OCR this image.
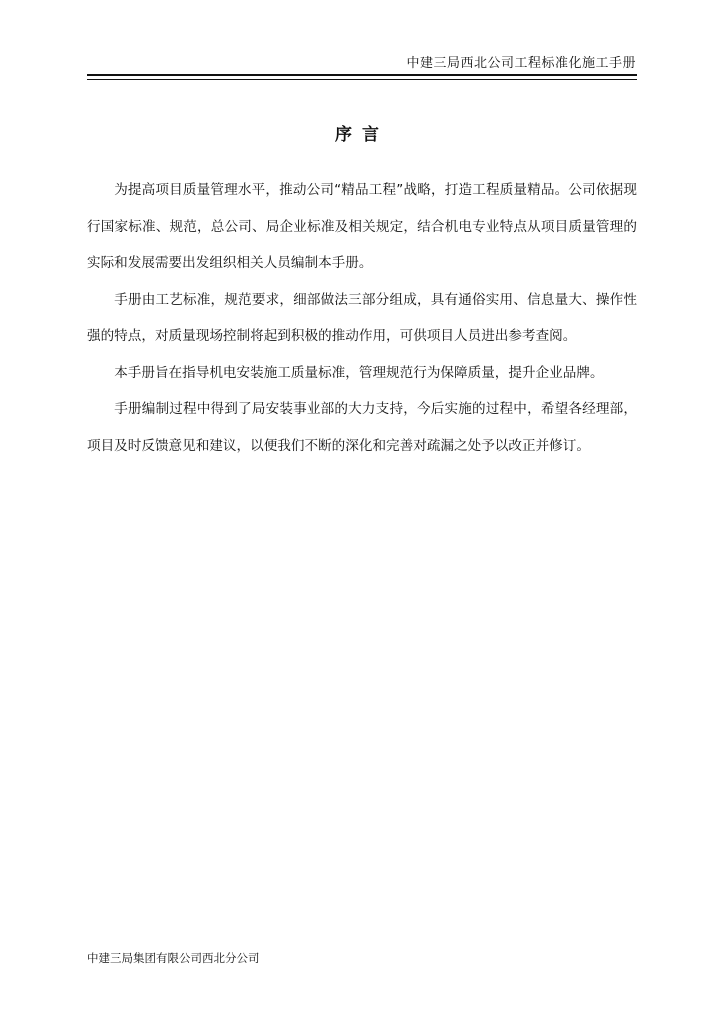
中建三局西北公司工程标准化施工手册
序言

为提高项目质量管理水平，推动公司“精品工程”战略，打造工程质量精品。公司依据现行国家标准、规范，总公司、局企业标准及相关规定，结合机电专业特点从项目质量管理的实际和发展需要出发组织相关人员编制本手册。

手册由工艺标准，规范要求，细部做法三部分组成，具有通俗实用、信息量大、操作性强的特点，对质量现场控制将起到积极的推动作用，可供项目人员进出参考查阅。

本手册旨在指导机电安装施工质量标准，管理规范行为保障质量，提升企业品牌。

手册编制过程中得到了局安装事业部的大力支持，今后实施的过程中，希望各经理部，项目及时反馈意见和建议，以便我们不断的深化和完善对疏漏之处予以改正并修订。

中建三局集团有限公司西北分公司
